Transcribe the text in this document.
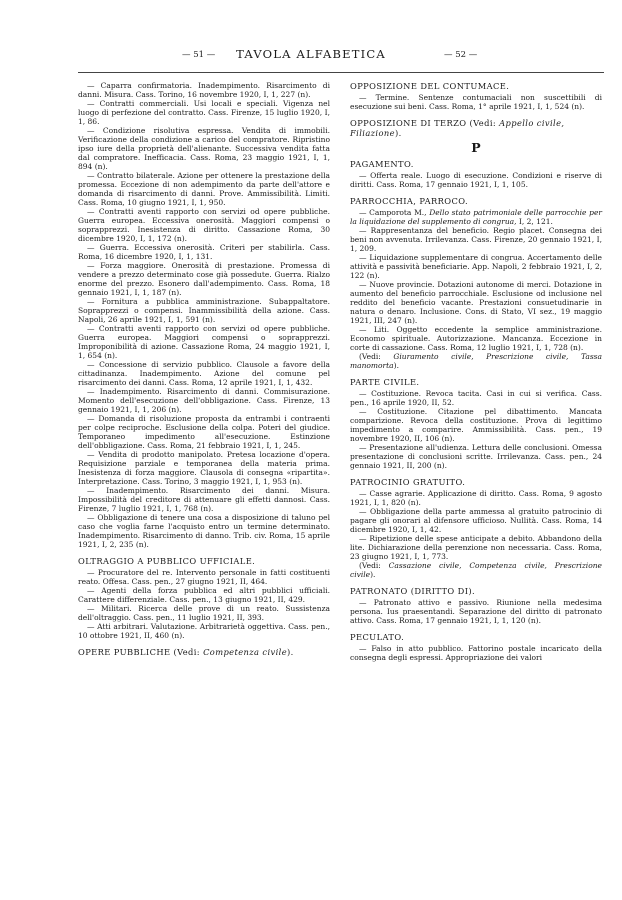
— 51 —	TAVOLA ALFABETICA	— 52 —

— Caparra confirmatoria. Inadempimento. Risarcimento di danni. Misura. Cass. Torino, 16 novembre 1920, I, 1, 227 (n).

— Contratti commerciali. Usi locali e speciali. Vigenza nel luogo di perfezione del contratto. Cass. Firenze, 15 luglio 1920, I, 1, 86.

— Condizione risolutiva espressa. Vendita di immobili. Verificazione della condizione a carico del compratore. Ripristino ipso iure della proprietà dell'alienante. Successiva vendita fatta dal compratore. Inefficacia. Cass. Roma, 23 maggio 1921, I, 1, 894 (n).

— Contratto bilaterale. Azione per ottenere la prestazione della promessa. Eccezione di non adempimento da parte dell'attore e domanda di risarcimento di danni. Prove. Ammissibilità. Limiti. Cass. Roma, 10 giugno 1921, I, 1, 950.

— Contratti aventi rapporto con servizi od opere pubbliche. Guerra europea. Eccessiva onerosità. Maggiori compensi o soprapprezzi. Inesistenza di diritto. Cassazione Roma, 30 dicembre 1920, I, 1, 172 (n).

— Guerra. Eccessiva onerosità. Criteri per stabilirla. Cass. Roma, 16 dicembre 1920, I, 1, 131.

— Forza maggiore. Onerosità di prestazione. Promessa di vendere a prezzo determinato cose già possedute. Guerra. Rialzo enorme del prezzo. Esonero dall'adempimento. Cass. Roma, 18 gennaio 1921, I, 1, 187 (n).

— Fornitura a pubblica amministrazione. Subappaltatore. Soprapprezzi o compensi. Inammissibilità della azione. Cass. Napoli, 26 aprile 1921, I, 1, 591 (n).

— Contratti aventi rapporto con servizi od opere pubbliche. Guerra europea. Maggiori compensi o soprapprezzi. Improponibilità di azione. Cassazione Roma, 24 maggio 1921, I, 1, 654 (n).

— Concessione di servizio pubblico. Clausole a favore della cittadinanza. Inadempimento. Azione del comune pel risarcimento dei danni. Cass. Roma, 12 aprile 1921, I, 1, 432.

— Inadempimento. Risarcimento di danni. Commisurazione. Momento dell'esecuzione dell'obbligazione. Cass. Firenze, 13 gennaio 1921, I, 1, 206 (n).

— Domanda di risoluzione proposta da entrambi i contraenti per colpe reciproche. Esclusione della colpa. Poteri del giudice. Temporaneo impedimento all'esecuzione. Estinzione dell'obbligazione. Cass. Roma, 21 febbraio 1921, I, 1, 245.

— Vendita di prodotto manipolato. Pretesa locazione d'opera. Requisizione parziale e temporanea della materia prima. Inesistenza di forza maggiore. Clausola di consegna «ripartita». Interpretazione. Cass. Torino, 3 maggio 1921, I, 1, 953 (n).

— Inadempimento. Risarcimento dei danni. Misura. Impossibilità del creditore di attenuare gli effetti dannosi. Cass. Firenze, 7 luglio 1921, I, 1, 768 (n).

— Obbligazione di tenere una cosa a disposizione di taluno pel caso che voglia farne l'acquisto entro un termine determinato. Inadempimento. Risarcimento di danno. Trib. civ. Roma, 15 aprile 1921, I, 2, 235 (n).

OLTRAGGIO A PUBBLICO UFFICIALE.

— Procuratore del re. Intervento personale in fatti costituenti reato. Offesa. Cass. pen., 27 giugno 1921, II, 464.

— Agenti della forza pubblica ed altri pubblici ufficiali. Carattere differenziale. Cass. pen., 13 giugno 1921, II, 429.

— Militari. Ricerca delle prove di un reato. Sussistenza dell'oltraggio. Cass. pen., 11 luglio 1921, II, 393.

— Atti arbitrari. Valutazione. Arbitrarietà oggettiva. Cass. pen., 10 ottobre 1921, II, 460 (n).

OPERE PUBBLICHE (Vedi: Competenza civile).
OPPOSIZIONE DEL CONTUMACE.

— Termine. Sentenze contumaciali non suscettibili di esecuzione sui beni. Cass. Roma, 1° aprile 1921, I, 1, 524 (n).

OPPOSIZIONE DI TERZO (Vedi: Appello civile, Filiazione).
P
PAGAMENTO.

— Offerta reale. Luogo di esecuzione. Condizioni e riserve di diritti. Cass. Roma, 17 gennaio 1921, I, 1, 105.

PARROCCHIA, PARROCO.

— Camporota M., Dello stato patrimoniale delle parrocchie per la liquidazione del supplemento di congrua, I, 2, 121.

— Rappresentanza del beneficio. Regio placet. Consegna dei beni non avvenuta. Irrilevanza. Cass. Firenze, 20 gennaio 1921, I, 1, 209.

— Liquidazione supplementare di congrua. Accertamento delle attività e passività beneficiarie. App. Napoli, 2 febbraio 1921, I, 2, 122 (n).

— Nuove provincie. Dotazioni autonome di merci. Dotazione in aumento del beneficio parrocchiale. Esclusione od inclusione nel reddito del beneficio vacante. Prestazioni consuetudinarie in natura o denaro. Inclusione. Cons. di Stato, VI sez., 19 maggio 1921, III, 247 (n).

— Liti. Oggetto eccedente la semplice amministrazione. Economo spirituale. Autorizzazione. Mancanza. Eccezione in corte di cassazione. Cass. Roma, 12 luglio 1921, I, 1, 728 (n).

(Vedi: Giuramento civile, Prescrizione civile, Tassa manomorta).

PARTE CIVILE.

— Costituzione. Revoca tacita. Casi in cui si verifica. Cass. pen., 16 aprile 1920, II, 52.

— Costituzione. Citazione pel dibattimento. Mancata comparizione. Revoca della costituzione. Prova di legittimo impedimento a comparire. Ammissibilità. Cass. pen., 19 novembre 1920, II, 106 (n).

— Presentazione all'udienza. Lettura delle conclusioni. Omessa presentazione di conclusioni scritte. Irrilevanza. Cass. pen., 24 gennaio 1921, II, 200 (n).

PATROCINIO GRATUITO.

— Casse agrarie. Applicazione di diritto. Cass. Roma, 9 agosto 1921, I, 1, 820 (n).

— Obbligazione della parte ammessa al gratuito patrocinio di pagare gli onorari al difensore ufficioso. Nullità. Cass. Roma, 14 dicembre 1920, I, 1, 42.

— Ripetizione delle spese anticipate a debito. Abbandono della lite. Dichiarazione della perenzione non necessaria. Cass. Roma, 23 giugno 1921, I, 1, 773.

(Vedi: Cassazione civile, Competenza civile, Prescrizione civile).

PATRONATO (DIRITTO DI).

— Patronato attivo e passivo. Riunione nella medesima persona. Ius praesentandi. Separazione del diritto di patronato attivo. Cass. Roma, 17 gennaio 1921, I, 1, 120 (n).

PECULATO.

— Falso in atto pubblico. Fattorino postale incaricato della consegna degli espressi. Appropriazione dei valori
